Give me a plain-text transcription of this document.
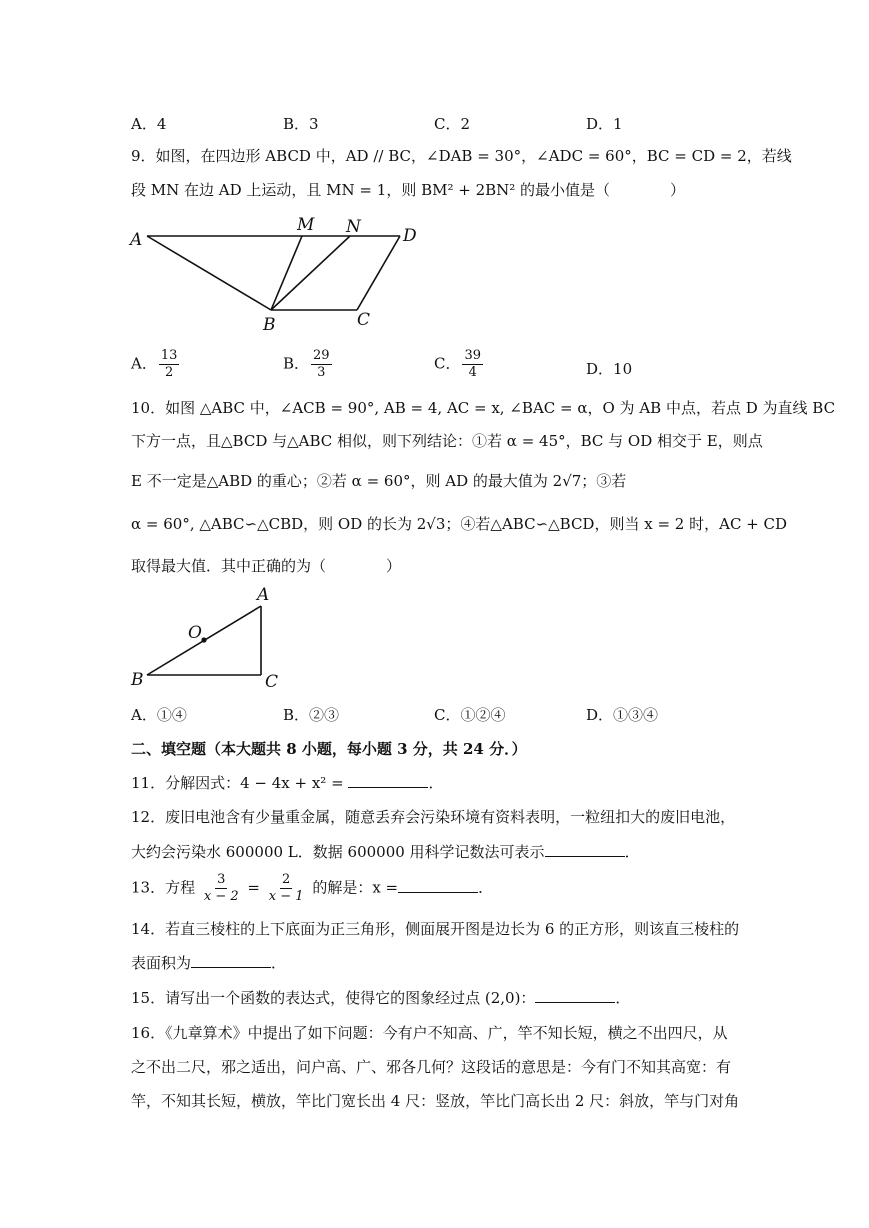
A．4	B．3	C．2	D．1
9．如图，在四边形 ABCD 中，AD // BC，∠DAB = 30°，∠ADC = 60°，BC = CD = 2，若线
段 MN 在边 AD 上运动，且 MN = 1，则 BM² + 2BN² 的最小值是（　　　　）
A
M N D
B	C
A． $\frac{13}{2}$	B． $\frac{29}{3}$	C． $\frac{39}{4}$	D．10
10．如图 △ABC 中，∠ACB = 90°, AB = 4, AC = x, ∠BAC = α，O 为 AB 中点，若点 D 为直线 BC
下方一点，且△BCD 与△ABC 相似，则下列结论：①若 α = 45°，BC 与 OD 相交于 E，则点
E 不一定是△ABD 的重心；②若 α = 60°，则 AD 的最大值为 2√7；③若
α = 60°, △ABC∽△CBD，则 OD 的长为 2√3；④若△ABC∽△BCD，则当 x = 2 时，AC + CD
取得最大值．其中正确的为（　　　　）
A
O
B	C
A．①④	B．②③	C．①②④	D．①③④
二、填空题（本大题共 8 小题，每小题 3 分，共 24 分．）
11．分解因式：4 − 4x + x² =	．
12．废旧电池含有少量重金属，随意丢弃会污染环境有资料表明，一粒纽扣大的废旧电池，
大约会污染水 600000 L．数据 600000 用科学记数法可表示	．
13．方程 $\frac{3}{x - 2} = \frac{2}{x - 1}$ 的解是：x =	．
14．若直三棱柱的上下底面为正三角形，侧面展开图是边长为 6 的正方形，则该直三棱柱的
表面积为	．
15．请写出一个函数的表达式，使得它的图象经过点 (2,0)：	．
16．《九章算术》中提出了如下问题：今有户不知高、广，竿不知长短，横之不出四尺，从
之不出二尺，邪之适出，问户高、广、邪各几何？这段话的意思是：今有门不知其高宽：有
竿，不知其长短，横放，竿比门宽长出 4 尺：竖放，竿比门高长出 2 尺：斜放，竿与门对角
